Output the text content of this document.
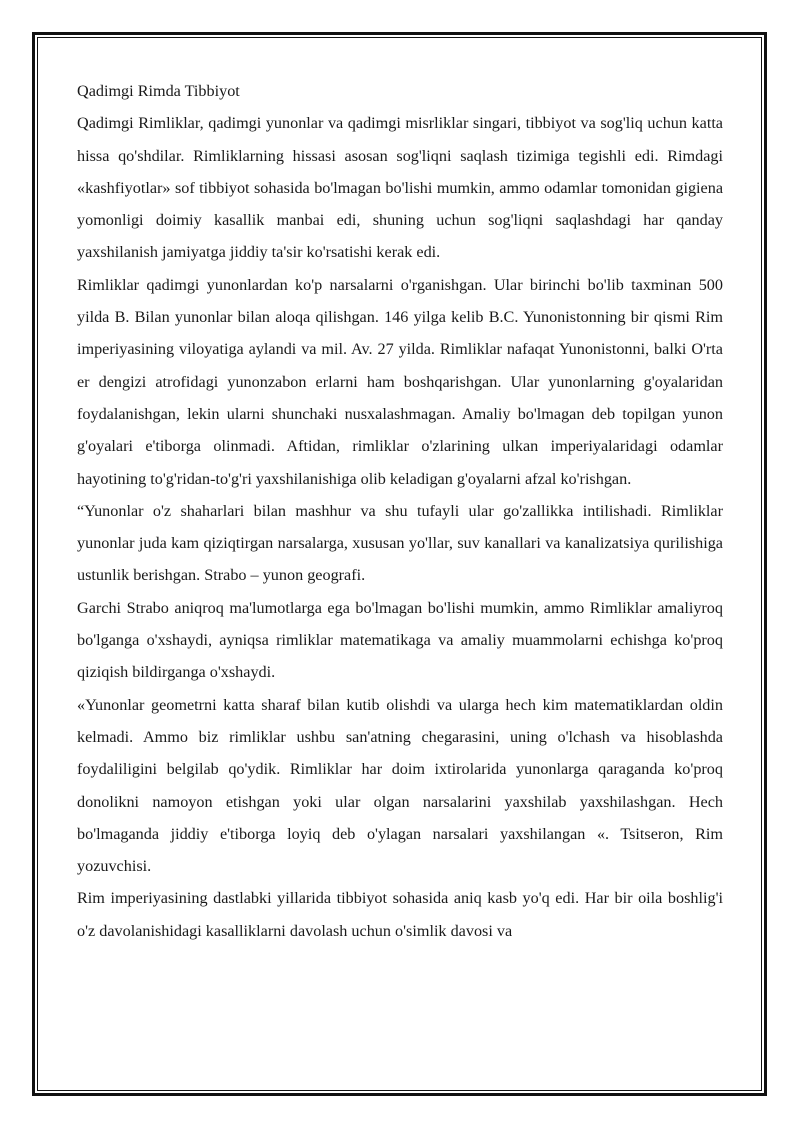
Qadimgi Rimda Tibbiyot

Qadimgi Rimliklar, qadimgi yunonlar va qadimgi misrliklar singari, tibbiyot va sog'liq uchun katta hissa qo'shdilar. Rimliklarning hissasi asosan sog'liqni saqlash tizimiga tegishli edi. Rimdagi «kashfiyotlar» sof tibbiyot sohasida bo'lmagan bo'lishi mumkin, ammo odamlar tomonidan gigiena yomonligi doimiy kasallik manbai edi, shuning uchun sog'liqni saqlashdagi har qanday yaxshilanish jamiyatga jiddiy ta'sir ko'rsatishi kerak edi.

Rimliklar qadimgi yunonlardan ko'p narsalarni o'rganishgan. Ular birinchi bo'lib taxminan 500 yilda B. Bilan yunonlar bilan aloqa qilishgan. 146 yilga kelib B.C. Yunonistonning bir qismi Rim imperiyasining viloyatiga aylandi va mil. Av. 27 yilda. Rimliklar nafaqat Yunonistonni, balki O'rta er dengizi atrofidagi yunonzabon erlarni ham boshqarishgan. Ular yunonlarning g'oyalaridan foydalanishgan, lekin ularni shunchaki nusxalashmagan. Amaliy bo'lmagan deb topilgan yunon g'oyalari e'tiborga olinmadi. Aftidan, rimliklar o'zlarining ulkan imperiyalaridagi odamlar hayotining to'g'ridan-to'g'ri yaxshilanishiga olib keladigan g'oyalarni afzal ko'rishgan.

“Yunonlar o'z shaharlari bilan mashhur va shu tufayli ular go'zallikka intilishadi. Rimliklar yunonlar juda kam qiziqtirgan narsalarga, xususan yo'llar, suv kanallari va kanalizatsiya qurilishiga ustunlik berishgan. Strabo – yunon geografi.

Garchi Strabo aniqroq ma'lumotlarga ega bo'lmagan bo'lishi mumkin, ammo Rimliklar amaliyroq bo'lganga o'xshaydi, ayniqsa rimliklar matematikaga va amaliy muammolarni echishga ko'proq qiziqish bildirganga o'xshaydi.

«Yunonlar geometrni katta sharaf bilan kutib olishdi va ularga hech kim matematiklardan oldin kelmadi. Ammo biz rimliklar ushbu san'atning chegarasini, uning o'lchash va hisoblashda foydaliligini belgilab qo'ydik. Rimliklar har doim ixtirolarida yunonlarga qaraganda ko'proq donolikni namoyon etishgan yoki ular olgan narsalarini yaxshilab yaxshilashgan. Hech bo'lmaganda jiddiy e'tiborga loyiq deb o'ylagan narsalari yaxshilangan «. Tsitseron, Rim yozuvchisi.

Rim imperiyasining dastlabki yillarida tibbiyot sohasida aniq kasb yo'q edi. Har bir oila boshlig'i o'z davolanishidagi kasalliklarni davolash uchun o'simlik davosi va
